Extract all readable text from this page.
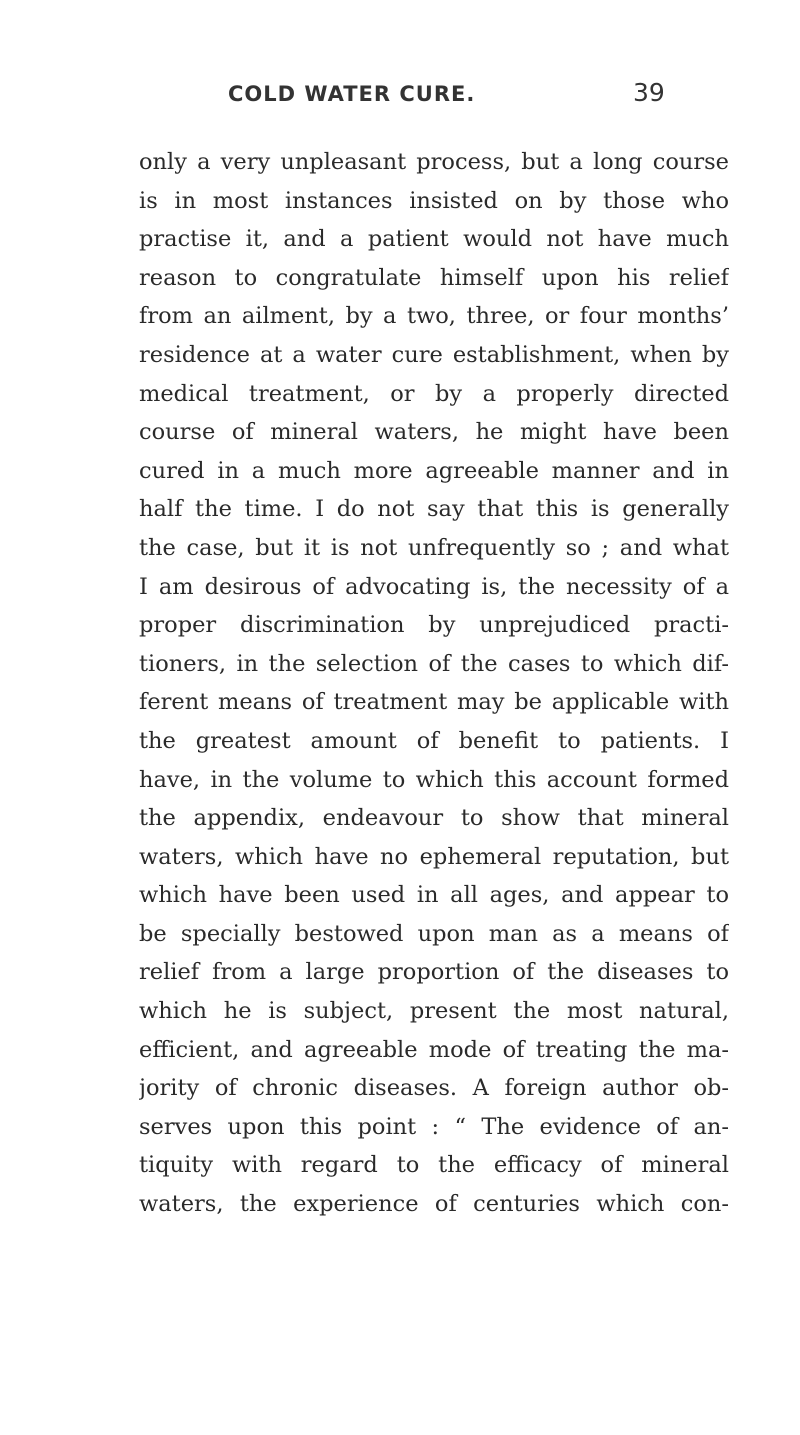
COLD WATER CURE.	39
only a very unpleasant process, but a long course
is in most instances insisted on by those who
practise it, and a patient would not have much
reason to congratulate himself upon his relief
from an ailment, by a two, three, or four months’
residence at a water cure establishment, when by
medical treatment, or by a properly directed
course of mineral waters, he might have been
cured in a much more agreeable manner and in
half the time. I do not say that this is generally
the case, but it is not unfrequently so ; and what
I am desirous of advocating is, the necessity of a
proper discrimination by unprejudiced practi-
tioners, in the selection of the cases to which dif-
ferent means of treatment may be applicable with
the greatest amount of benefit to patients. I
have, in the volume to which this account formed
the appendix, endeavour to show that mineral
waters, which have no ephemeral reputation, but
which have been used in all ages, and appear to
be specially bestowed upon man as a means of
relief from a large proportion of the diseases to
which he is subject, present the most natural,
efficient, and agreeable mode of treating the ma-
jority of chronic diseases. A foreign author ob-
serves upon this point : “ The evidence of an-
tiquity with regard to the efficacy of mineral
waters, the experience of centuries which con-
